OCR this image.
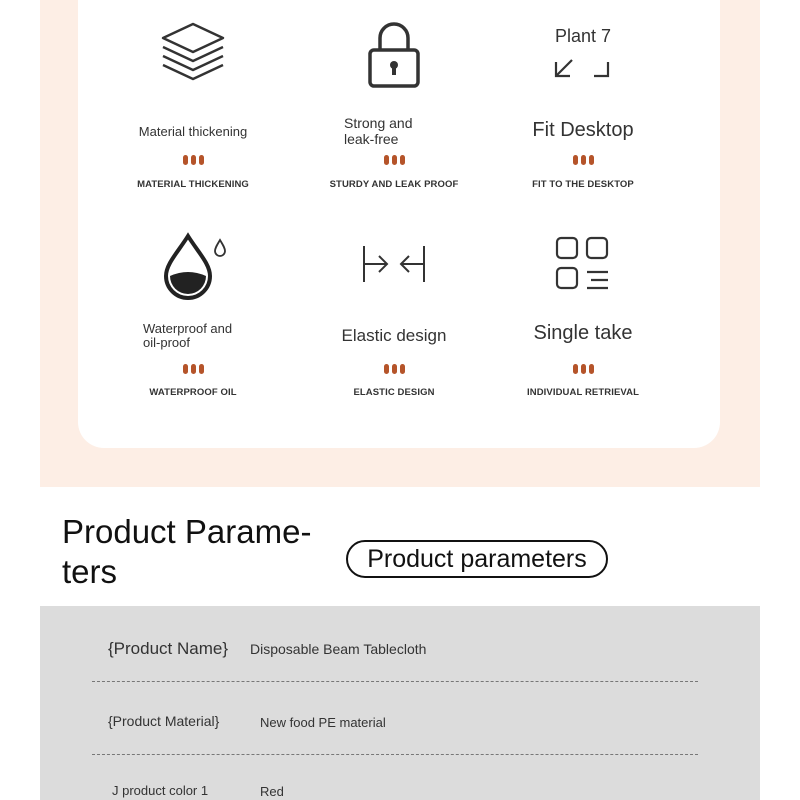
Material thickening
MATERIAL THICKENING
Strong and leak-free
STURDY AND LEAK PROOF
Plant 7
Fit Desktop
FIT TO THE DESKTOP
Waterproof and oil-proof
WATERPROOF OIL
Elastic design
ELASTIC DESIGN
Single take
INDIVIDUAL RETRIEVAL
Product Parame- ters	Product parameters
{Product Name} Disposable Beam Tablecloth
{Product Material}	New food PE material
J product color 1	Red
